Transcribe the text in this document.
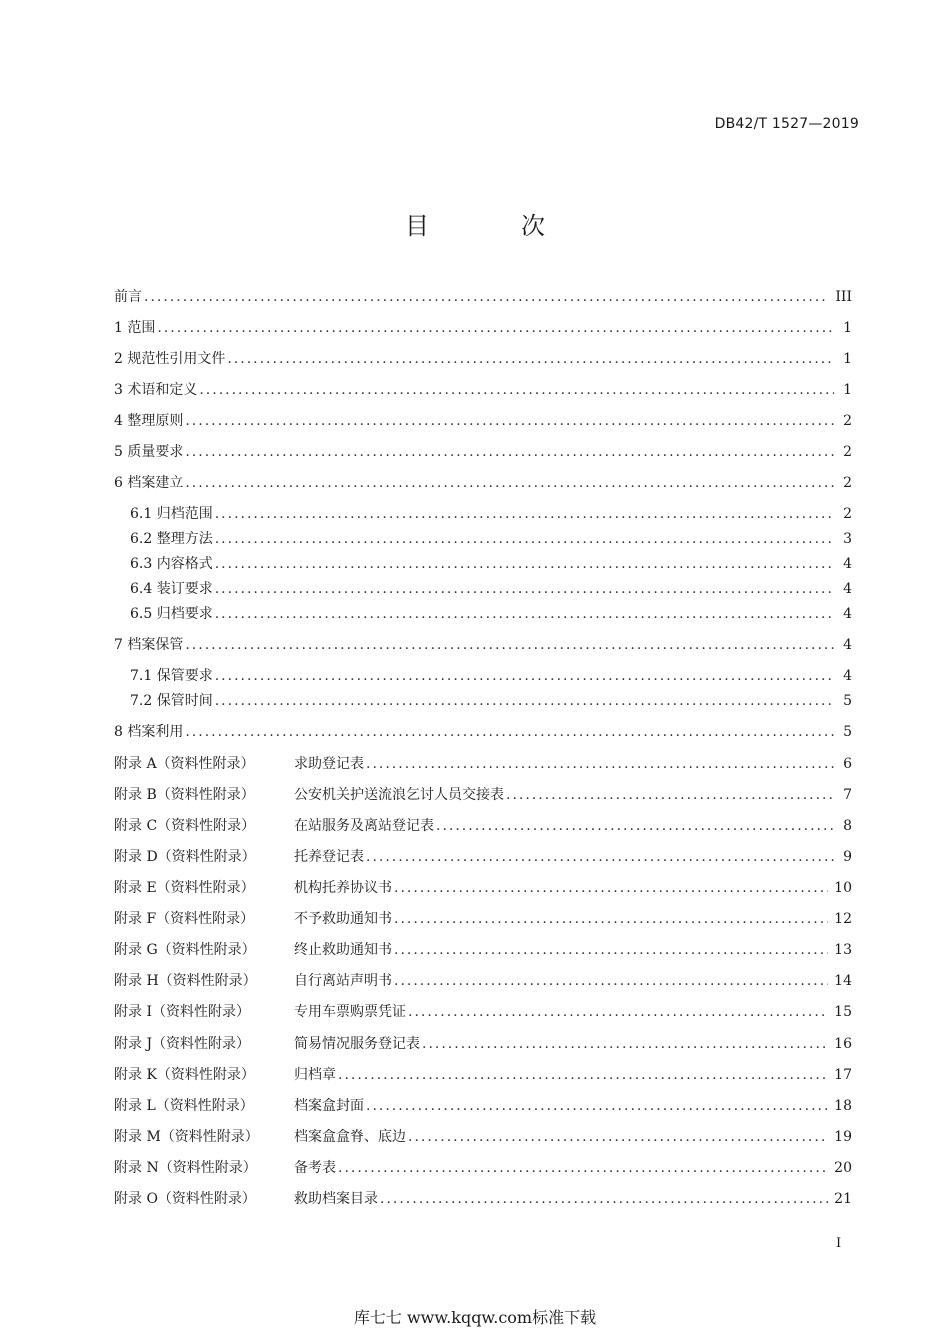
DB42/T 1527—2019
目　次
前言 .....	III
1 范围 .....	1
2 规范性引用文件 .....	1
3 术语和定义 .....	1
4 整理原则 .....	2
5 质量要求 .....	2
6 档案建立 .....	2
6.1 归档范围 .....	2
6.2 整理方法 .....	3
6.3 内容格式 .....	4
6.4 装订要求 .....	4
6.5 归档要求 .....	4
7 档案保管 .....	4
7.1 保管要求 .....	4
7.2 保管时间 .....	5
8 档案利用 .....	5
附录 A（资料性附录）	求助登记表 .....	6
附录 B（资料性附录）	公安机关护送流浪乞讨人员交接表 .....	7
附录 C（资料性附录）	在站服务及离站登记表 .....	8
附录 D（资料性附录）	托养登记表 .....	9
附录 E（资料性附录）	机构托养协议书 .....	10
附录 F（资料性附录）	不予救助通知书 .....	12
附录 G（资料性附录）	终止救助通知书 .....	13
附录 H（资料性附录）	自行离站声明书 .....	14
附录 I（资料性附录）	专用车票购票凭证 .....	15
附录 J（资料性附录）	简易情况服务登记表 .....	16
附录 K（资料性附录）	归档章 .....	17
附录 L（资料性附录）	档案盒封面 .....	18
附录 M（资料性附录）	档案盒盒脊、底边 .....	19
附录 N（资料性附录）	备考表 .....	20
附录 O（资料性附录）	救助档案目录 .....	21
I
库七七 www.kqqw.com标准下载
